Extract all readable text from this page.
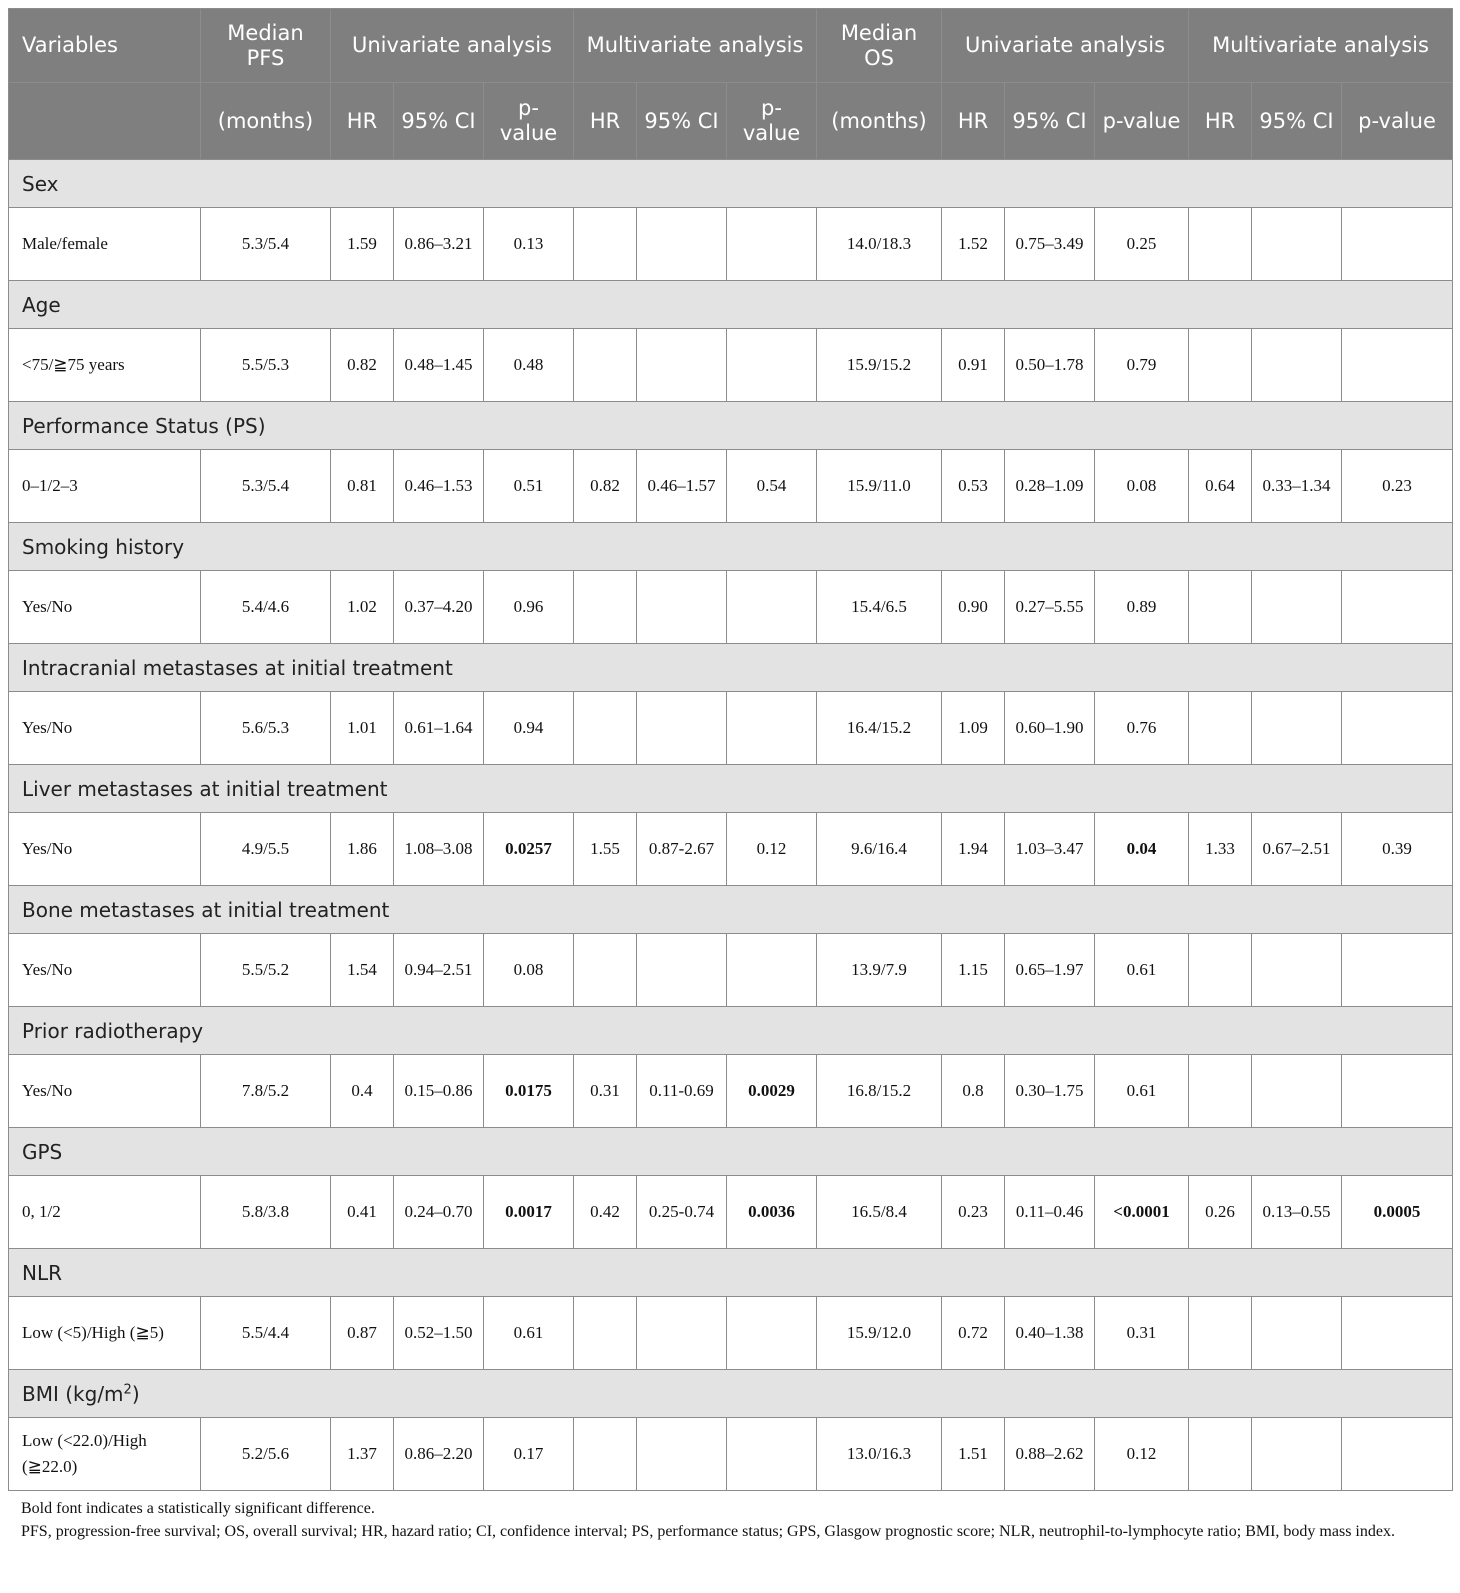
Variables	Median PFS	Univariate analysis			Multivariate analysis			Median OS	Univariate analysis			Multivariate analysis		
	(months)	HR	95% CI	p-value	HR	95% CI	p-value	(months)	HR	95% CI	p-value	HR	95% CI	p-value
Sex														
Male/female	5.3/5.4	1.59	0.86–3.21	0.13				14.0/18.3	1.52	0.75–3.49	0.25			
Age														
<75/≧75 years	5.5/5.3	0.82	0.48–1.45	0.48				15.9/15.2	0.91	0.50–1.78	0.79			
Performance Status (PS)														
0–1/2–3	5.3/5.4	0.81	0.46–1.53	0.51	0.82	0.46–1.57	0.54	15.9/11.0	0.53	0.28–1.09	0.08	0.64	0.33–1.34	0.23
Smoking history														
Yes/No	5.4/4.6	1.02	0.37–4.20	0.96				15.4/6.5	0.90	0.27–5.55	0.89			
Intracranial metastases at initial treatment														
Yes/No	5.6/5.3	1.01	0.61–1.64	0.94				16.4/15.2	1.09	0.60–1.90	0.76			
Liver metastases at initial treatment														
Yes/No	4.9/5.5	1.86	1.08–3.08	0.0257	1.55	0.87-2.67	0.12	9.6/16.4	1.94	1.03–3.47	0.04	1.33	0.67–2.51	0.39
Bone metastases at initial treatment														
Yes/No	5.5/5.2	1.54	0.94–2.51	0.08				13.9/7.9	1.15	0.65–1.97	0.61			
Prior radiotherapy														
Yes/No	7.8/5.2	0.4	0.15–0.86	0.0175	0.31	0.11-0.69	0.0029	16.8/15.2	0.8	0.30–1.75	0.61			
GPS														
0, 1/2	5.8/3.8	0.41	0.24–0.70	0.0017	0.42	0.25-0.74	0.0036	16.5/8.4	0.23	0.11–0.46	<0.0001	0.26	0.13–0.55	0.0005
NLR														
Low (<5)/High (≧5)	5.5/4.4	0.87	0.52–1.50	0.61				15.9/12.0	0.72	0.40–1.38	0.31			
BMI $(kg/m^2)$														
Low (<22.0)/High (≧22.0)	5.2/5.6	1.37	0.86–2.20	0.17				13.0/16.3	1.51	0.88–2.62	0.12			

Bold font indicates a statistically significant difference.

PFS, progression-free survival; OS, overall survival; HR, hazard ratio; CI, confidence interval; PS, performance status; GPS, Glasgow prognostic score; NLR, neutrophil-to-lymphocyte ratio; BMI, body mass index.
